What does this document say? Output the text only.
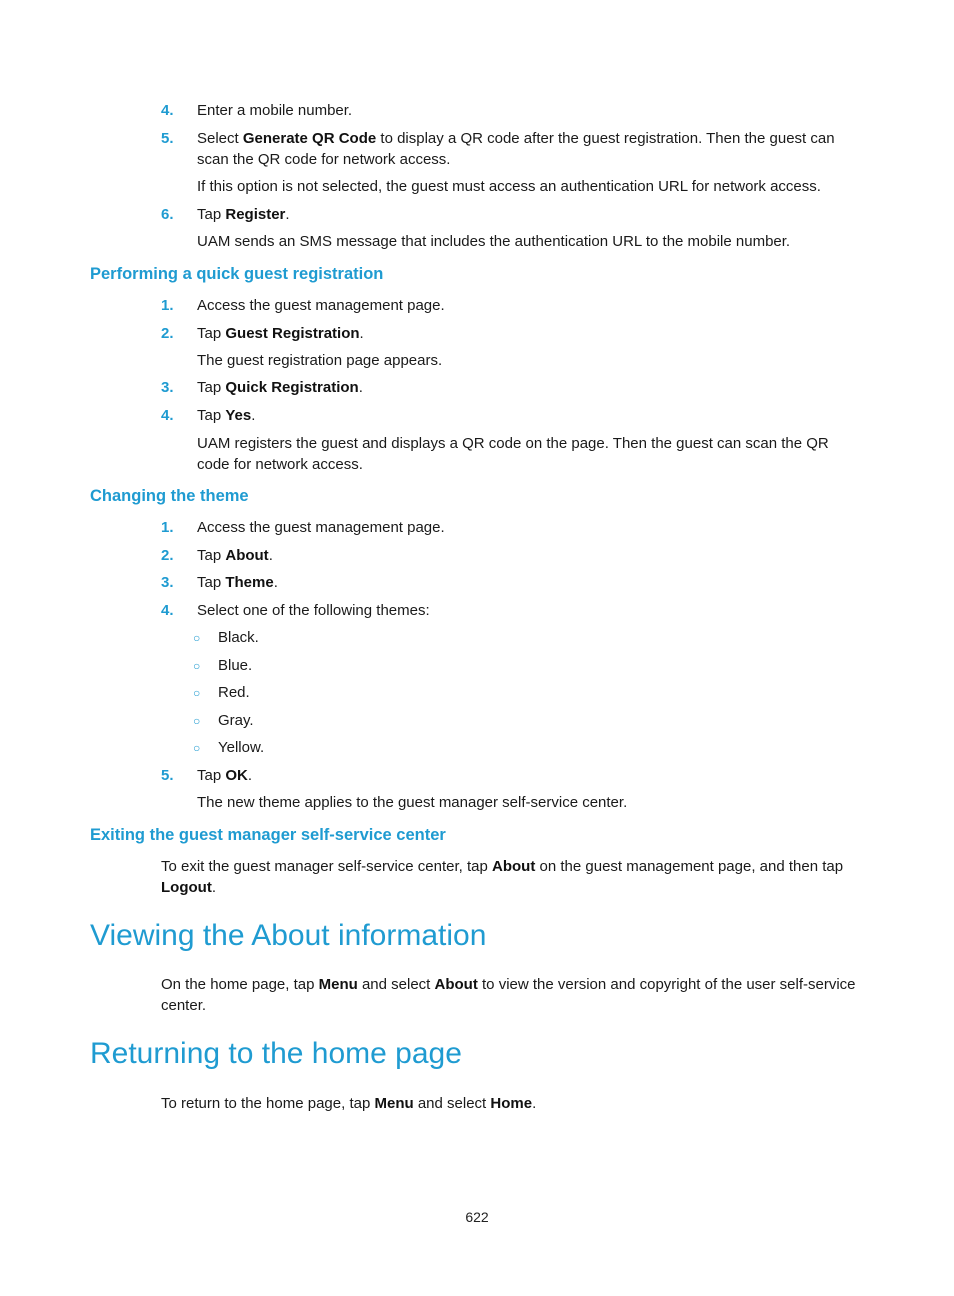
4. Enter a mobile number.
5. Select Generate QR Code to display a QR code after the guest registration. Then the guest can
scan the QR code for network access.
If this option is not selected, the guest must access an authentication URL for network access.
6. Tap Register.
UAM sends an SMS message that includes the authentication URL to the mobile number.
Performing a quick guest registration
1. Access the guest management page.
2. Tap Guest Registration.
The guest registration page appears.
3. Tap Quick Registration.
4. Tap Yes.
UAM registers the guest and displays a QR code on the page. Then the guest can scan the QR
code for network access.
Changing the theme
1. Access the guest management page.
2. Tap About.
3. Tap Theme.
4. Select one of the following themes:
○ Black.
○ Blue.
○ Red.
○ Gray.
○ Yellow.
5. Tap OK.
The new theme applies to the guest manager self-service center.
Exiting the guest manager self-service center
To exit the guest manager self-service center, tap About on the guest management page, and then tap
Logout.
Viewing the About information
On the home page, tap Menu and select About to view the version and copyright of the user self-service
center.
Returning to the home page
To return to the home page, tap Menu and select Home.
622
